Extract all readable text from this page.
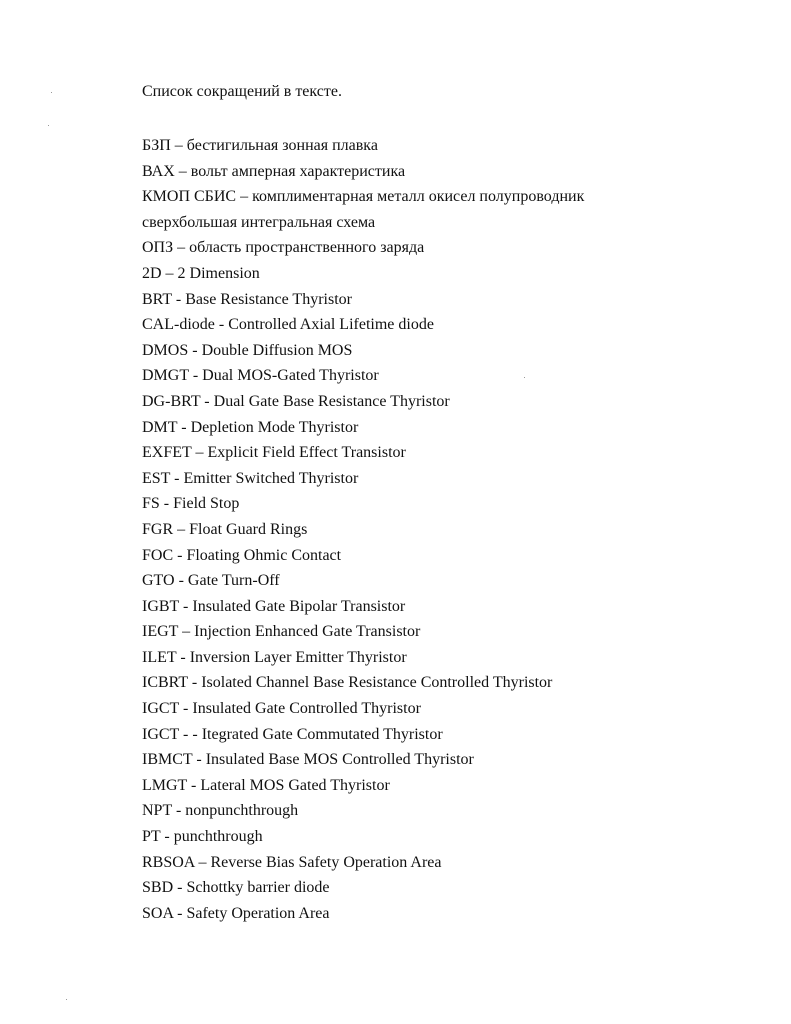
Список сокращений в тексте.
БЗП – бестигильная зонная плавка
ВАХ – вольт амперная характеристика
КМОП СБИС – комплиментарная металл окисел полупроводник
сверхбольшая интегральная схема
ОПЗ – область пространственного заряда
2D – 2 Dimension
BRT - Base Resistance Thyristor
CAL-diode - Controlled Axial Lifetime diode
DMOS - Double Diffusion MOS
DMGT - Dual MOS-Gated Thyristor
DG-BRT - Dual Gate Base Resistance Thyristor
DMT - Depletion Mode Thyristor
EXFET – Explicit Field Effect Transistor
EST - Emitter Switched Thyristor
FS - Field Stop
FGR – Float Guard Rings
FOC - Floating Ohmic Contact
GTO - Gate Turn-Off
IGBT - Insulated Gate Bipolar Transistor
IEGT – Injection Enhanced Gate Transistor
ILET - Inversion Layer Emitter Thyristor
ICBRT - Isolated Channel Base Resistance Controlled Thyristor
IGCT - Insulated Gate Controlled Thyristor
IGCT - - Itegrated Gate Commutated Thyristor
IBMCT - Insulated Base MOS Controlled Thyristor
LMGT - Lateral MOS Gated Thyristor
NPT - nonpunchthrough
PT - punchthrough
RBSOA – Reverse Bias Safety Operation Area
SBD - Schottky barrier diode
SOA - Safety Operation Area
